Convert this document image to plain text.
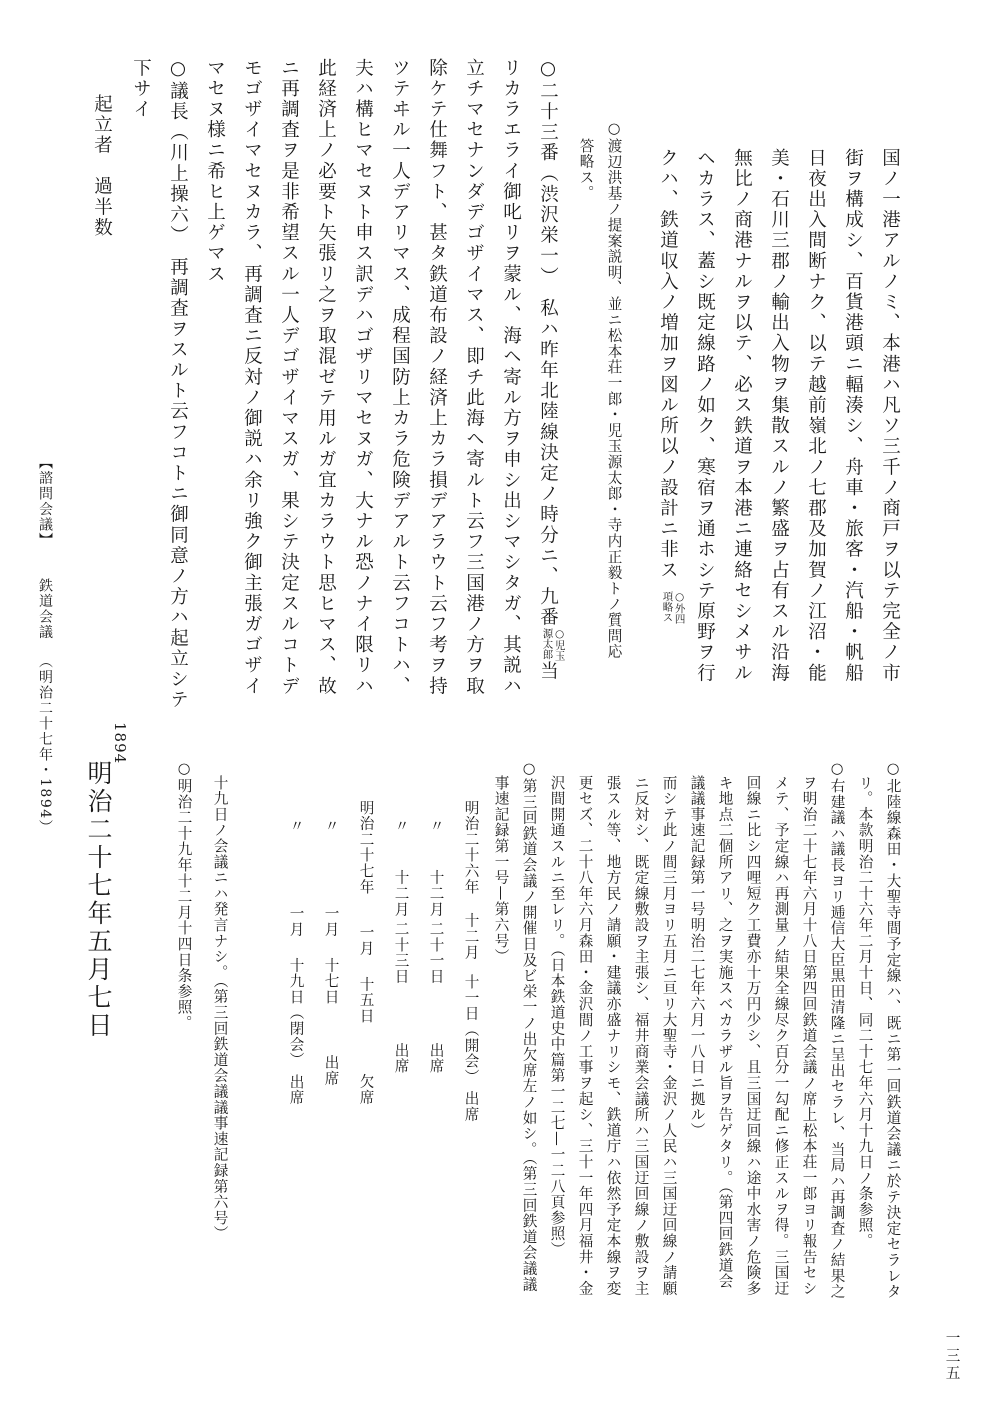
【諮問会議】鉄道会議（明治二十七年・1894）
国ノ一港アルノミ、本港ハ凡ソ三千ノ商戸ヲ以テ完全ノ市
街ヲ構成シ、百貨港頭ニ輻湊シ、舟車・旅客・汽船・帆船
日夜出入間断ナク、以テ越前嶺北ノ七郡及加賀ノ江沼・能
美・石川三郡ノ輸出入物ヲ集散スルノ繁盛ヲ占有スル沿海
無比ノ商港ナルヲ以テ、必ス鉄道ヲ本港ニ連絡セシメサル
ヘカラス、蓋シ既定線路ノ如ク、寒宿ヲ通ホシテ原野ヲ行
クハ、鉄道収入ノ増加ヲ図ル所以ノ設計ニ非ス
○外四
項略ス
○渡辺洪基ノ提案説明、並ニ松本荘一郎・児玉源太郎・寺内正毅トノ質問応
答略ス。
○二十三番（渋沢栄一）　私ハ昨年北陸線決定ノ時分ニ、九番
○児玉
源太郎
当
リカラエライ御叱リヲ蒙ル、海ヘ寄ル方ヲ申シ出シマシタガ、其説ハ
立チマセナンダデゴザイマス、即チ此海ヘ寄ルト云フ三国港ノ方ヲ取
除ケテ仕舞フト、甚タ鉄道布設ノ経済上カラ損デアラウト云フ考ヲ持
ツテヰル一人デアリマス、成程国防上カラ危険デアルト云フコトハ、
夫ハ構ヒマセヌト申ス訳デハゴザリマセヌガ、大ナル恐ノナイ限リハ
此経済上ノ必要ト矢張リ之ヲ取混ゼテ用ルガ宜カラウト思ヒマス、故
ニ再調査ヲ是非希望スル一人デゴザイマスガ、果シテ決定スルコトデ
モゴザイマセヌカラ、再調査ニ反対ノ御説ハ余リ強ク御主張ガゴザイ
マセヌ様ニ希ヒ上ゲマス
○議長（川上操六）　再調査ヲスルト云フコトニ御同意ノ方ハ起立シテ
下サイ
起立者　過半数
1894
明治二十七年五月七日
一三五
○北陸線森田・大聖寺間予定線ハ、既ニ第一回鉄道会議ニ於テ決定セラレタ
リ。本款明治二十六年二月十日、同二十七年六月十九日ノ条参照。
○右建議ハ議長ヨリ逓信大臣黒田清隆ニ呈出セラレ、当局ハ再調査ノ結果之
ヲ明治二十七年六月十八日第四回鉄道会議ノ席上松本荘一郎ヨリ報告セシ
メテ、予定線ハ再測量ノ結果全線尽ク百分一勾配ニ修正スルヲ得。三国迂
回線ニ比シ四哩短ク工費亦十万円少シ、且三国迂回線ハ途中水害ノ危険多
キ地点二個所アリ、之ヲ実施スベカラザル旨ヲ告ゲタリ。（第四回鉄道会
議議事速記録第一号明治二七年六月一八日ニ拠ル）
而シテ此ノ間三月ヨリ五月ニ亘リ大聖寺・金沢ノ人民ハ三国迂回線ノ請願
ニ反対シ、既定線敷設ヲ主張シ、福井商業会議所ハ三国迂回線ノ敷設ヲ主
張スル等、地方民ノ請願・建議亦盛ナリシモ、鉄道庁ハ依然予定本線ヲ変
更セズ、二十八年六月森田・金沢間ノ工事ヲ起シ、三十一年四月福井・金
沢間開通スルニ至レリ。（日本鉄道史中篇第一二七—一二八頁参照）
○第三回鉄道会議ノ開催日及ビ栄一ノ出欠席左ノ如シ。（第三回鉄道会議議
事速記録第一号—第六号）
明治二十六年十二月十一日（開会）出席
〃十二月二十一日出席
〃十二月二十三日出席
明治二十七年一月十五日欠席
〃一月十七日出席
〃一月十九日（閉会）出席
十九日ノ会議ニハ発言ナシ。（第三回鉄道会議議事速記録第六号）
○明治二十九年十二月十四日条参照。
